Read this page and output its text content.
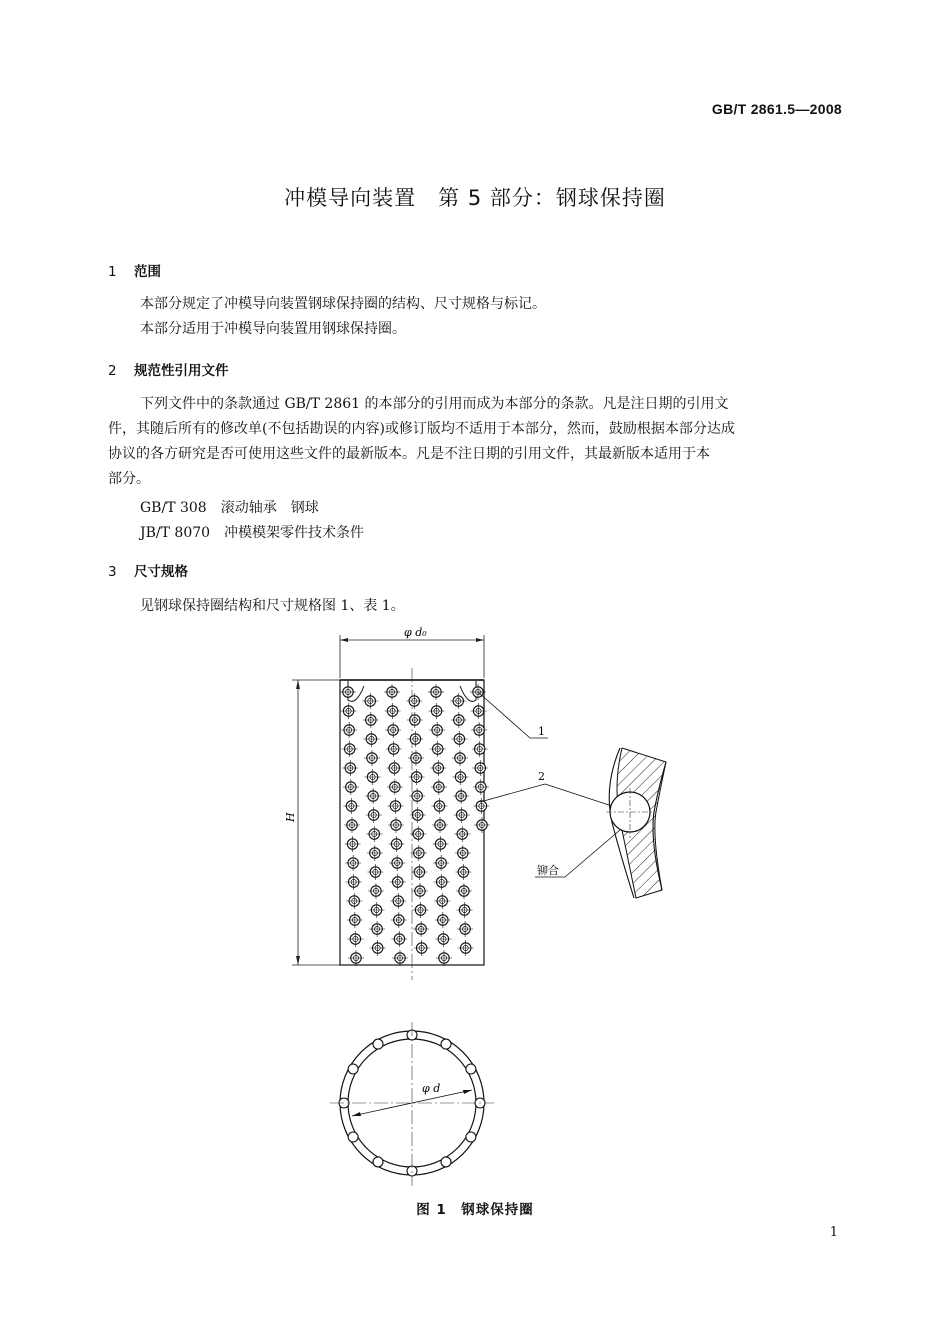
GB/T 2861.5—2008
冲模导向装置　第 5 部分：钢球保持圈
1 范围
本部分规定了冲模导向装置钢球保持圈的结构、尺寸规格与标记。
本部分适用于冲模导向装置用钢球保持圈。
2 规范性引用文件
下列文件中的条款通过 GB/T 2861 的本部分的引用而成为本部分的条款。凡是注日期的引用文
件，其随后所有的修改单(不包括勘误的内容)或修订版均不适用于本部分，然而，鼓励根据本部分达成
协议的各方研究是否可使用这些文件的最新版本。凡是不注日期的引用文件，其最新版本适用于本
部分。
GB/T 308　滚动轴承　钢球
JB/T 8070　冲模模架零件技术条件
3 尺寸规格
见钢球保持圈结构和尺寸规格图 1、表 1。
φ d₀
H
1
2
铆合
φ d
图 1　钢球保持圈
1
